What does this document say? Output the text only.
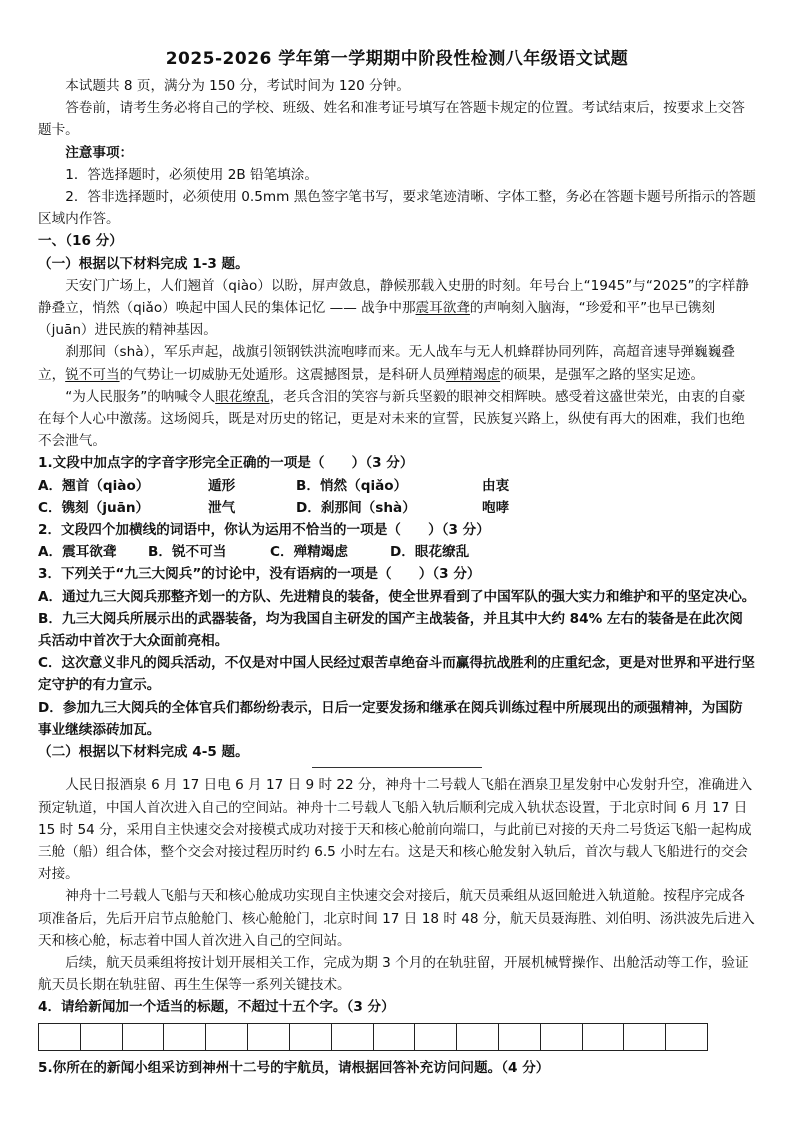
2025-2026 学年第一学期期中阶段性检测八年级语文试题

本试题共 8 页，满分为 150 分，考试时间为 120 分钟。

答卷前，请考生务必将自己的学校、班级、姓名和准考证号填写在答题卡规定的位置。考试结束后，按要求上交答题卡。

注意事项：

1．答选择题时，必须使用 2B 铅笔填涂。

2．答非选择题时，必须使用 0.5mm 黑色签字笔书写，要求笔迹清晰、字体工整，务必在答题卡题号所指示的答题区域内作答。

一、（16 分）

（一）根据以下材料完成 1-3 题。

天安门广场上，人们翘首（qiào）以盼，屏声敛息，静候那载入史册的时刻。年号台上“1945”与“2025”的字样静静叠立，悄然（qiǎo）唤起中国人民的集体记忆 —— 战争中那震耳欲聋的声响刻入脑海，“珍爱和平”也早已镌刻（juān）进民族的精神基因。

刹那间（shà），军乐声起，战旗引领钢铁洪流咆哮而来。无人战车与无人机蜂群协同列阵，高超音速导弹巍巍叠立，锐不可当的气势让一切威胁无处遁形。这震撼图景，是科研人员殚精竭虑的硕果，是强军之路的坚实足迹。

“为人民服务”的呐喊令人眼花缭乱，老兵含泪的笑容与新兵坚毅的眼神交相辉映。感受着这盛世荣光，由衷的自豪在每个人心中激荡。这场阅兵，既是对历史的铭记，更是对未来的宣誓，民族复兴路上，纵使有再大的困难，我们也绝不会泄气。

1.文段中加点字的字音字形完全正确的一项是（　　）（3 分）

A．翘首（qiào）	遁形	B．悄然（qiǎo）	由衷
C．镌刻（juān）	泄气	D．刹那间（shà）	咆哮

2．文段四个加横线的词语中，你认为运用不恰当的一项是（　　）（3 分）

A．震耳欲聋	B．锐不可当	C．殚精竭虑	D．眼花缭乱

3．下列关于“九三大阅兵”的讨论中，没有语病的一项是（　　）（3 分）

A．通过九三大阅兵那整齐划一的方队、先进精良的装备，使全世界看到了中国军队的强大实力和维护和平的坚定决心。

B．九三大阅兵所展示出的武器装备，均为我国自主研发的国产主战装备，并且其中大约 84% 左右的装备是在此次阅兵活动中首次于大众面前亮相。

C．这次意义非凡的阅兵活动，不仅是对中国人民经过艰苦卓绝奋斗而赢得抗战胜利的庄重纪念，更是对世界和平进行坚定守护的有力宣示。

D．参加九三大阅兵的全体官兵们都纷纷表示，日后一定要发扬和继承在阅兵训练过程中所展现出的顽强精神，为国防事业继续添砖加瓦。

（二）根据以下材料完成 4-5 题。

人民日报酒泉 6 月 17 日电 6 月 17 日 9 时 22 分，神舟十二号载人飞船在酒泉卫星发射中心发射升空，准确进入预定轨道，中国人首次进入自己的空间站。神舟十二号载人飞船入轨后顺利完成入轨状态设置，于北京时间 6 月 17 日 15 时 54 分，采用自主快速交会对接模式成功对接于天和核心舱前向端口，与此前已对接的天舟二号货运飞船一起构成三舱（船）组合体，整个交会对接过程历时约 6.5 小时左右。这是天和核心舱发射入轨后，首次与载人飞船进行的交会对接。

神舟十二号载人飞船与天和核心舱成功实现自主快速交会对接后，航天员乘组从返回舱进入轨道舱。按程序完成各项准备后，先后开启节点舱舱门、核心舱舱门，北京时间 17 日 18 时 48 分，航天员聂海胜、刘伯明、汤洪波先后进入天和核心舱，标志着中国人首次进入自己的空间站。

后续，航天员乘组将按计划开展相关工作，完成为期 3 个月的在轨驻留，开展机械臂操作、出舱活动等工作，验证航天员长期在轨驻留、再生生保等一系列关键技术。

4．请给新闻加一个适当的标题，不超过十五个字。（3 分）

5.你所在的新闻小组采访到神州十二号的宇航员，请根据回答补充访问问题。（4 分）
